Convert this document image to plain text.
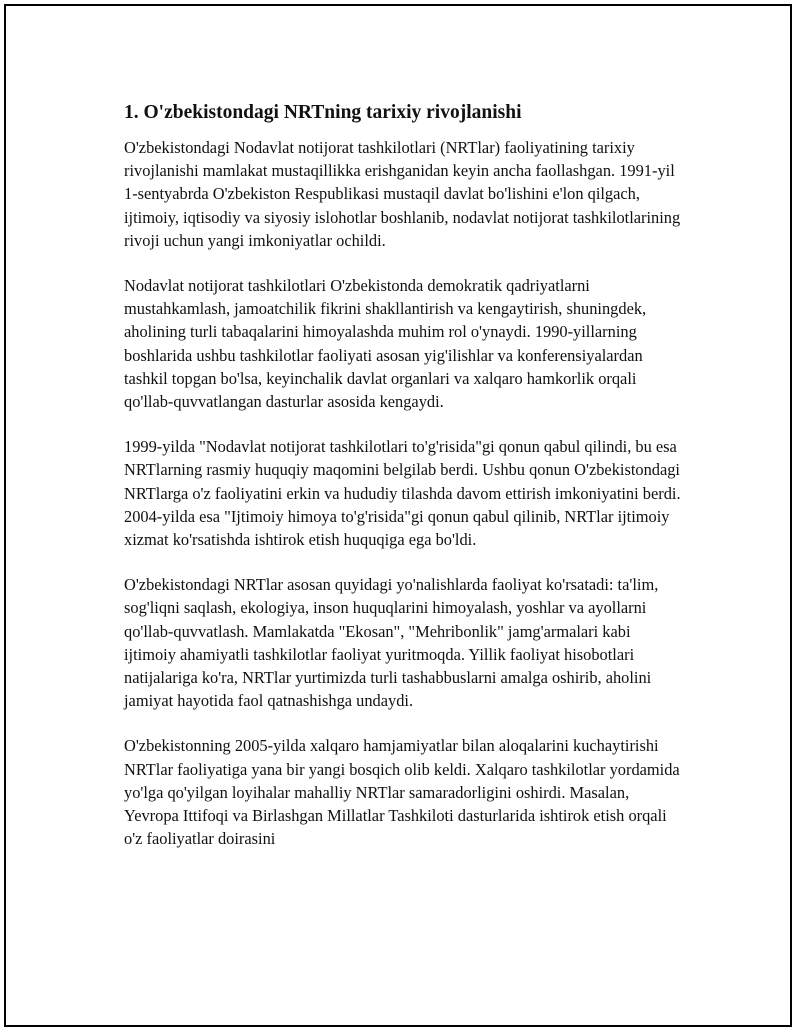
1. O'zbekistondagi NRTning tarixiy rivojlanishi

O'zbekistondagi Nodavlat notijorat tashkilotlari (NRTlar) faoliyatining tarixiy rivojlanishi mamlakat mustaqillikka erishganidan keyin ancha faollashgan. 1991-yil 1-sentyabrda O'zbekiston Respublikasi mustaqil davlat bo'lishini e'lon qilgach, ijtimoiy, iqtisodiy va siyosiy islohotlar boshlanib, nodavlat notijorat tashkilotlarining rivoji uchun yangi imkoniyatlar ochildi.

Nodavlat notijorat tashkilotlari O'zbekistonda demokratik qadriyatlarni mustahkamlash, jamoatchilik fikrini shakllantirish va kengaytirish, shuningdek, aholining turli tabaqalarini himoyalashda muhim rol o'ynaydi. 1990-yillarning boshlarida ushbu tashkilotlar faoliyati asosan yig'ilishlar va konferensiyalardan tashkil topgan bo'lsa, keyinchalik davlat organlari va xalqaro hamkorlik orqali qo'llab-quvvatlangan dasturlar asosida kengaydi.

1999-yilda "Nodavlat notijorat tashkilotlari to'g'risida"gi qonun qabul qilindi, bu esa NRTlarning rasmiy huquqiy maqomini belgilab berdi. Ushbu qonun O'zbekistondagi NRTlarga o'z faoliyatini erkin va hududiy tilashda davom ettirish imkoniyatini berdi. 2004-yilda esa "Ijtimoiy himoya to'g'risida"gi qonun qabul qilinib, NRTlar ijtimoiy xizmat ko'rsatishda ishtirok etish huquqiga ega bo'ldi.

O'zbekistondagi NRTlar asosan quyidagi yo'nalishlarda faoliyat ko'rsatadi: ta'lim, sog'liqni saqlash, ekologiya, inson huquqlarini himoyalash, yoshlar va ayollarni qo'llab-quvvatlash. Mamlakatda "Ekosan", "Mehribonlik" jamg'armalari kabi ijtimoiy ahamiyatli tashkilotlar faoliyat yuritmoqda. Yillik faoliyat hisobotlari natijalariga ko'ra, NRTlar yurtimizda turli tashabbuslarni amalga oshirib, aholini jamiyat hayotida faol qatnashishga undaydi.

O'zbekistonning 2005-yilda xalqaro hamjamiyatlar bilan aloqalarini kuchaytirishi NRTlar faoliyatiga yana bir yangi bosqich olib keldi. Xalqaro tashkilotlar yordamida yo'lga qo'yilgan loyihalar mahalliy NRTlar samaradorligini oshirdi. Masalan, Yevropa Ittifoqi va Birlashgan Millatlar Tashkiloti dasturlarida ishtirok etish orqali o'z faoliyatlar doirasini
